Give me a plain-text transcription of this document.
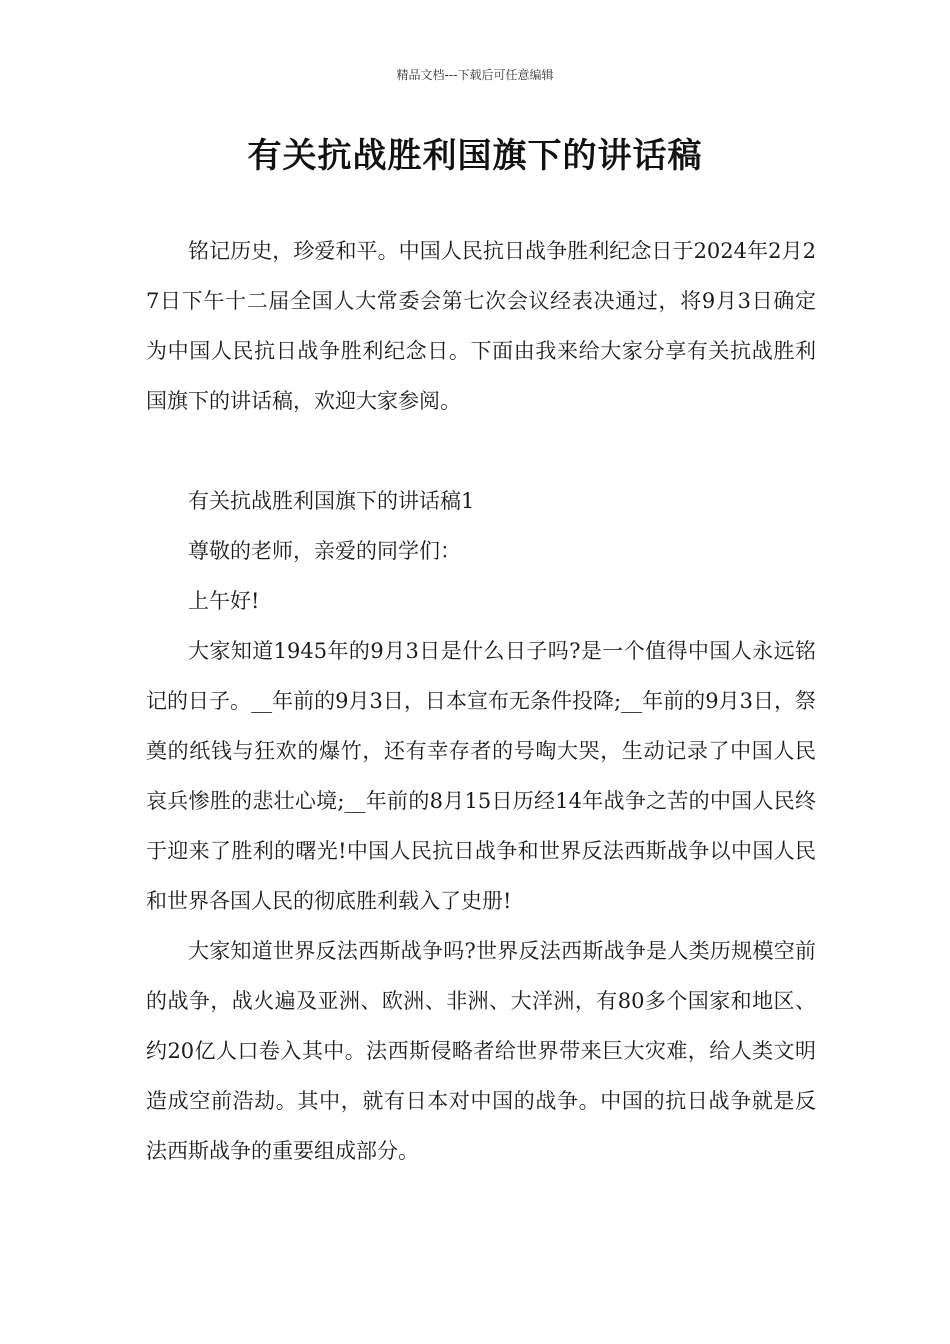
精品文档---下载后可任意编辑
有关抗战胜利国旗下的讲话稿

铭记历史，珍爱和平。中国人民抗日战争胜利纪念日于2024年2月27日下午十二届全国人大常委会第七次会议经表决通过，将9月3日确定为中国人民抗日战争胜利纪念日。下面由我来给大家分享有关抗战胜利国旗下的讲话稿，欢迎大家参阅。

有关抗战胜利国旗下的讲话稿1

尊敬的老师，亲爱的同学们：

上午好!

大家知道1945年的9月3日是什么日子吗?是一个值得中国人永远铭记的日子。__年前的9月3日，日本宣布无条件投降;__年前的9月3日，祭奠的纸钱与狂欢的爆竹，还有幸存者的号啕大哭，生动记录了中国人民哀兵惨胜的悲壮心境;__年前的8月15日历经14年战争之苦的中国人民终于迎来了胜利的曙光!中国人民抗日战争和世界反法西斯战争以中国人民和世界各国人民的彻底胜利载入了史册!

大家知道世界反法西斯战争吗?世界反法西斯战争是人类历规模空前的战争，战火遍及亚洲、欧洲、非洲、大洋洲，有80多个国家和地区、约20亿人口卷入其中。法西斯侵略者给世界带来巨大灾难，给人类文明造成空前浩劫。其中，就有日本对中国的战争。中国的抗日战争就是反法西斯战争的重要组成部分。
